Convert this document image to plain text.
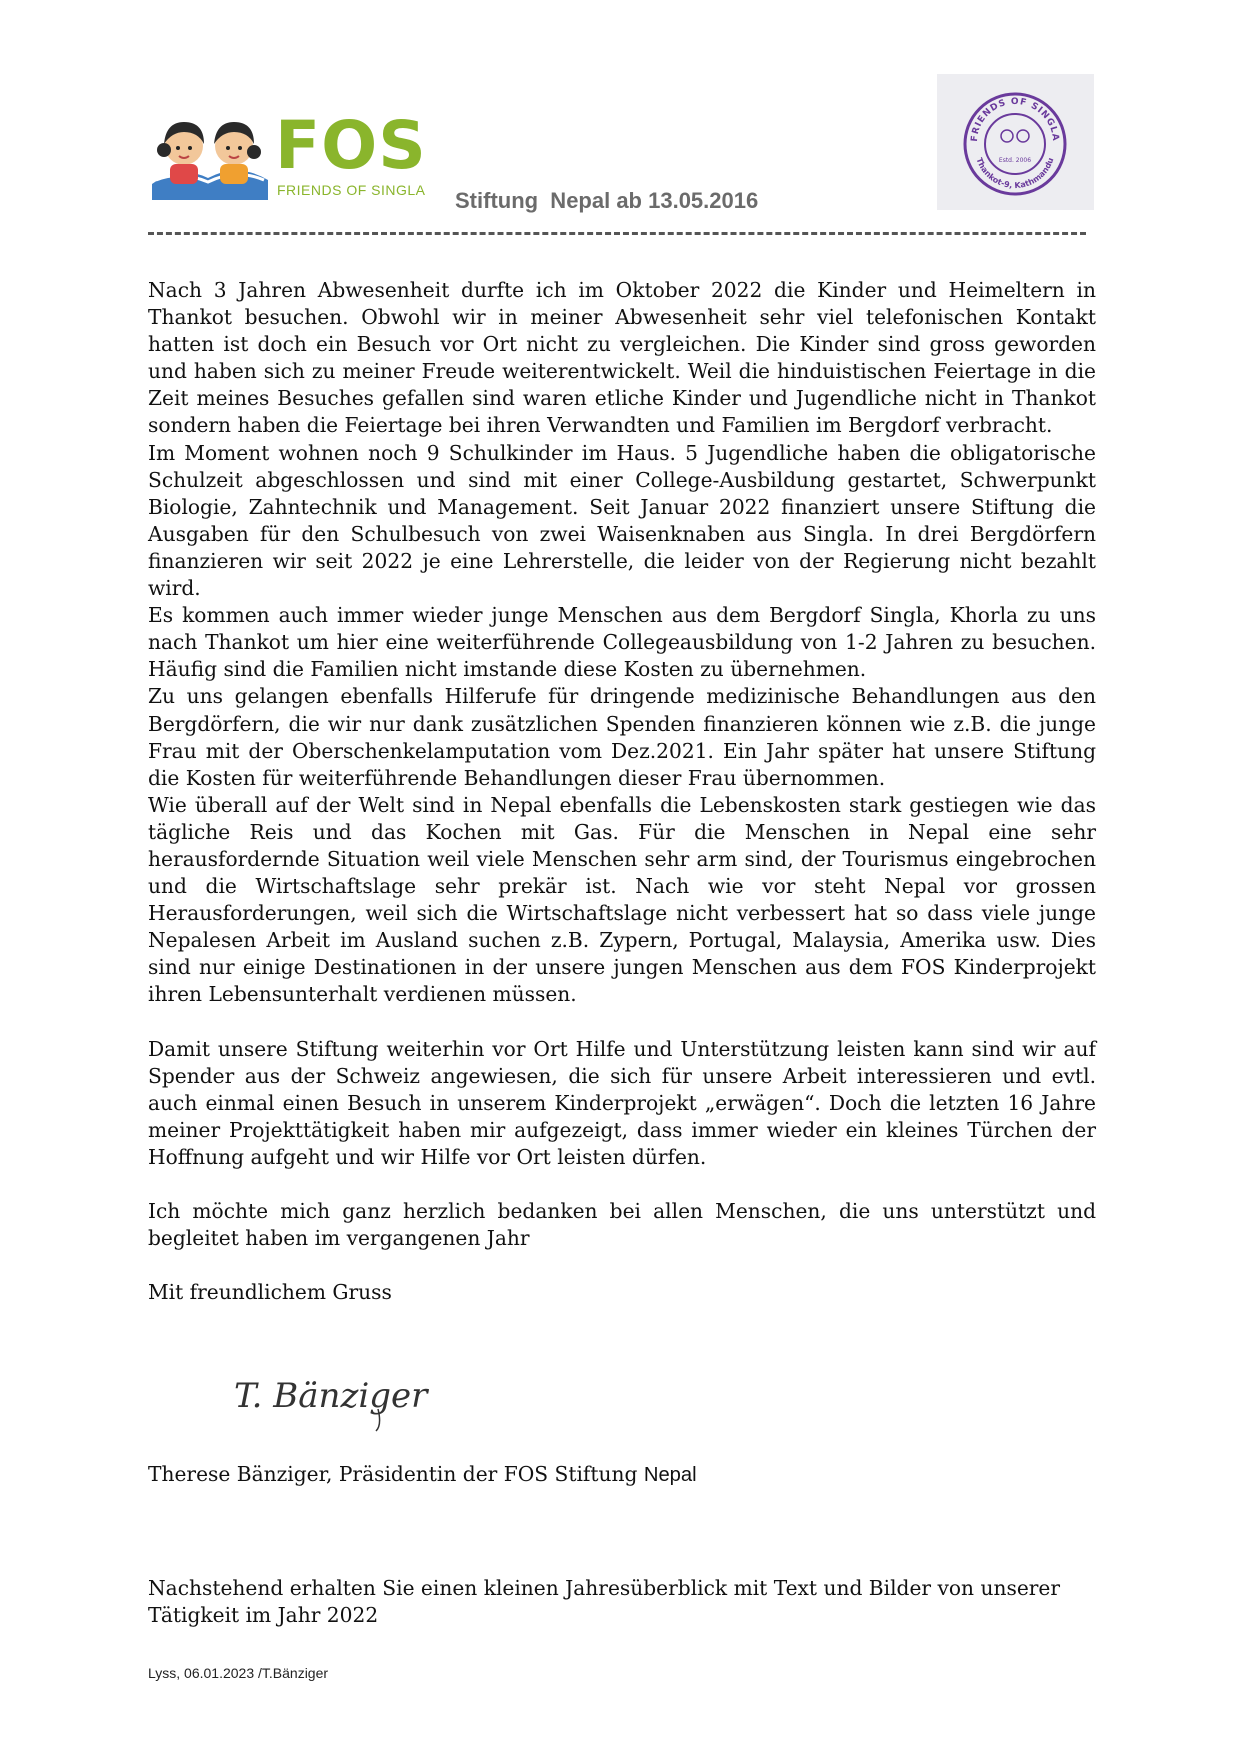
FOS
FRIENDS OF SINGLA
FRIENDS OF SINGLA
Thankot-9, Kathmandu
Estd. 2006
Stiftung  Nepal ab 13.05.2016

Nach 3 Jahren Abwesenheit durfte ich im Oktober 2022 die Kinder und Heimeltern in Thankot besuchen. Obwohl wir in meiner Abwesenheit sehr viel telefonischen Kontakt hatten ist doch ein Besuch vor Ort nicht zu vergleichen. Die Kinder sind gross geworden und haben sich zu meiner Freude weiterentwickelt. Weil die hinduistischen Feiertage in die Zeit meines Besuches gefallen sind waren etliche Kinder und Jugendliche nicht in Thankot sondern haben die Feiertage bei ihren Verwandten und Familien im Bergdorf verbracht.

Im Moment wohnen noch 9 Schulkinder im Haus. 5 Jugendliche haben die obligatorische Schulzeit abgeschlossen und sind mit einer College-Ausbildung gestartet, Schwerpunkt Biologie, Zahntechnik und Management. Seit Januar 2022 finanziert unsere Stiftung die Ausgaben für den Schulbesuch von zwei Waisenknaben aus Singla. In drei Bergdörfern finanzieren wir seit 2022 je eine Lehrerstelle, die leider von der Regierung nicht bezahlt wird.

Es kommen auch immer wieder junge Menschen aus dem Bergdorf Singla, Khorla zu uns nach Thankot um hier eine weiterführende Collegeausbildung von 1-2 Jahren zu besuchen. Häufig sind die Familien nicht imstande diese Kosten zu übernehmen.

Zu uns gelangen ebenfalls Hilferufe für dringende medizinische Behandlungen aus den Bergdörfern, die wir nur dank zusätzlichen Spenden finanzieren können wie z.B. die junge Frau mit der Oberschenkelamputation vom Dez.2021. Ein Jahr später hat unsere Stiftung die Kosten für weiterführende Behandlungen dieser Frau übernommen.

Wie überall auf der Welt sind in Nepal ebenfalls die Lebenskosten stark gestiegen wie das tägliche Reis und das Kochen mit Gas. Für die Menschen in Nepal eine sehr herausfordernde Situation weil viele Menschen sehr arm sind, der Tourismus eingebrochen und die Wirtschaftslage sehr prekär ist. Nach wie vor steht Nepal vor grossen Herausforderungen, weil sich die Wirtschaftslage nicht verbessert hat so dass viele junge Nepalesen Arbeit im Ausland suchen z.B. Zypern, Portugal, Malaysia, Amerika usw. Dies sind nur einige Destinationen in der unsere jungen Menschen aus dem FOS Kinderprojekt ihren Lebensunterhalt verdienen müssen.

Damit unsere Stiftung weiterhin vor Ort Hilfe und Unterstützung leisten kann sind wir auf Spender aus der Schweiz angewiesen, die sich für unsere Arbeit interessieren und evtl. auch einmal einen Besuch in unserem Kinderprojekt „erwägen“. Doch die letzten 16 Jahre meiner Projekttätigkeit haben mir aufgezeigt, dass immer wieder ein kleines Türchen der Hoffnung aufgeht und wir Hilfe vor Ort leisten dürfen.

Ich möchte mich ganz herzlich bedanken bei allen Menschen, die uns unterstützt und begleitet haben im vergangenen Jahr

Mit freundlichem Gruss

T. Bänziger
Therese Bänziger, Präsidentin der FOS Stiftung Nepal

Nachstehend erhalten Sie einen kleinen Jahresüberblick mit Text und Bilder von unserer Tätigkeit im Jahr 2022

Lyss, 06.01.2023 /T.Bänziger
